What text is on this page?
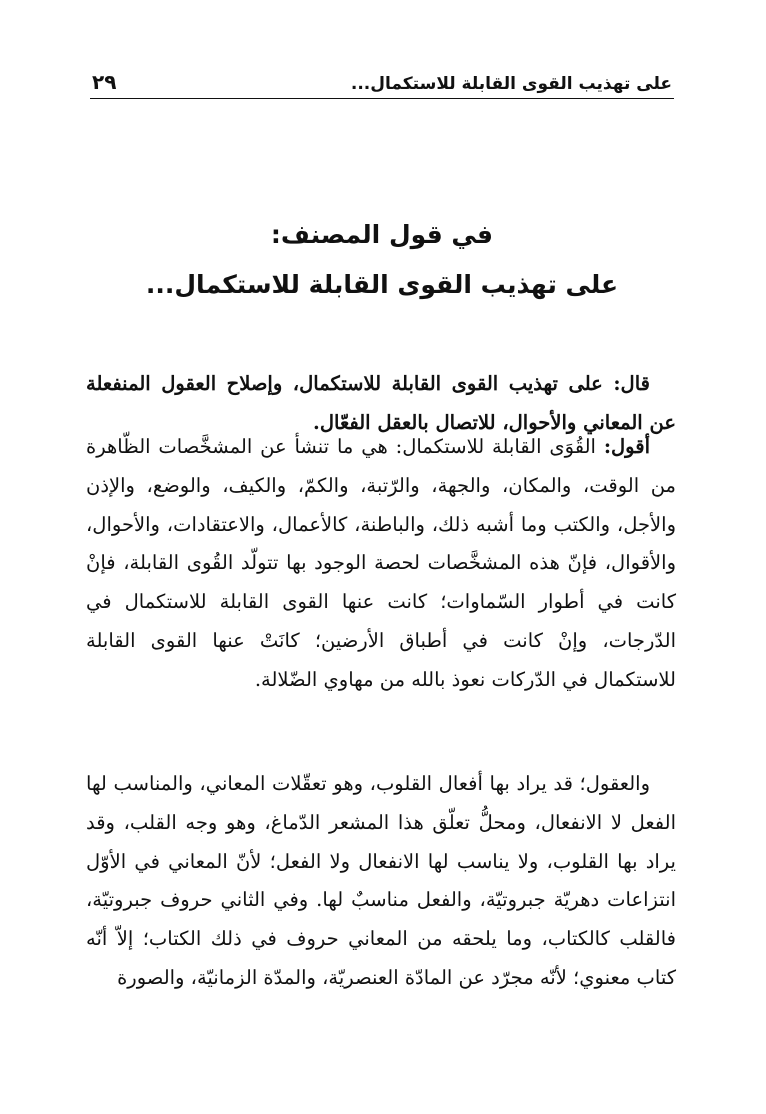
على تهذيب القوى القابلة للاستكمال...
٢٩
في قول المصنف:
على تهذيب القوى القابلة للاستكمال...

قال: على تهذيب القوى القابلة للاستكمال، وإصلاح العقول المنفعلة عن المعاني والأحوال، للاتصال بالعقل الفعّال.

أقول: القُوَى القابلة للاستكمال: هي ما تنشأ عن المشخَّصات الظّاهرة من الوقت، والمكان، والجهة، والرّتبة، والكمّ، والكيف، والوضع، والإذن والأجل، والكتب وما أشبه ذلك، والباطنة، كالأعمال، والاعتقادات، والأحوال، والأقوال، فإنّ هذه المشخَّصات لحصة الوجود بها تتولّد القُوى القابلة، فإنْ كانت في أطوار السّماوات؛ كانت عنها القوى القابلة للاستكمال في الدّرجات، وإنْ كانت في أطباق الأرضين؛ كانَتْ عنها القوى القابلة للاستكمال في الدّركات نعوذ بالله من مهاوي الضّلالة.

والعقول؛ قد يراد بها أفعال القلوب، وهو تعقّلات المعاني، والمناسب لها الفعل لا الانفعال، ومحلُّ تعلّق هذا المشعر الدّماغ، وهو وجه القلب، وقد يراد بها القلوب، ولا يناسب لها الانفعال ولا الفعل؛ لأنّ المعاني في الأوّل انتزاعات دهريّة جبروتيّة، والفعل مناسبٌ لها. وفي الثاني حروف جبروتيّة، فالقلب كالكتاب، وما يلحقه من المعاني حروف في ذلك الكتاب؛ إلاّ أنّه كتاب معنوي؛ لأنّه مجرّد عن المادّة العنصريّة، والمدّة الزمانيّة، والصورة
